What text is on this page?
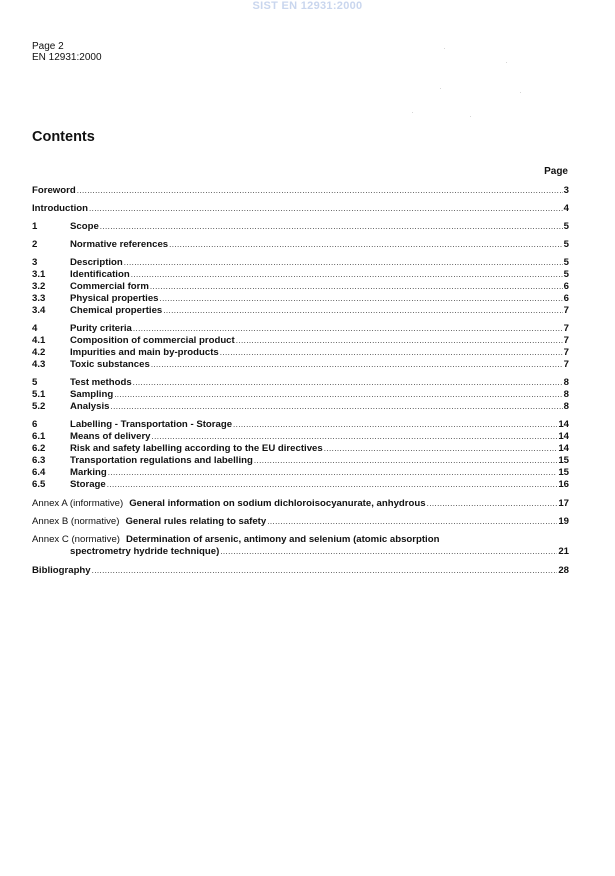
SIST EN 12931:2000
Page 2
EN 12931:2000
Contents
Page
Foreword .....	3
Introduction .....	4
1	Scope .....	5
2	Normative references .....	5
3	Description .....	5
3.1	Identification .....	5
3.2	Commercial form .....	6
3.3	Physical properties .....	6
3.4	Chemical properties .....	7
4	Purity criteria .....	7
4.1	Composition of commercial product .....	7
4.2	Impurities and main by-products .....	7
4.3	Toxic substances .....	7
5	Test methods .....	8
5.1	Sampling .....	8
5.2	Analysis .....	8
6	Labelling - Transportation - Storage .....	14
6.1	Means of delivery .....	14
6.2	Risk and safety labelling according to the EU directives .....	14
6.3	Transportation regulations and labelling .....	15
6.4	Marking .....	15
6.5	Storage .....	16
Annex A (informative) General information on sodium dichloroisocyanurate, anhydrous .....	17
Annex B (normative) General rules relating to safety .....	19
Annex C (normative) Determination of arsenic, antimony and selenium (atomic absorption
spectrometry hydride technique) .....	21
Bibliography .....	28
